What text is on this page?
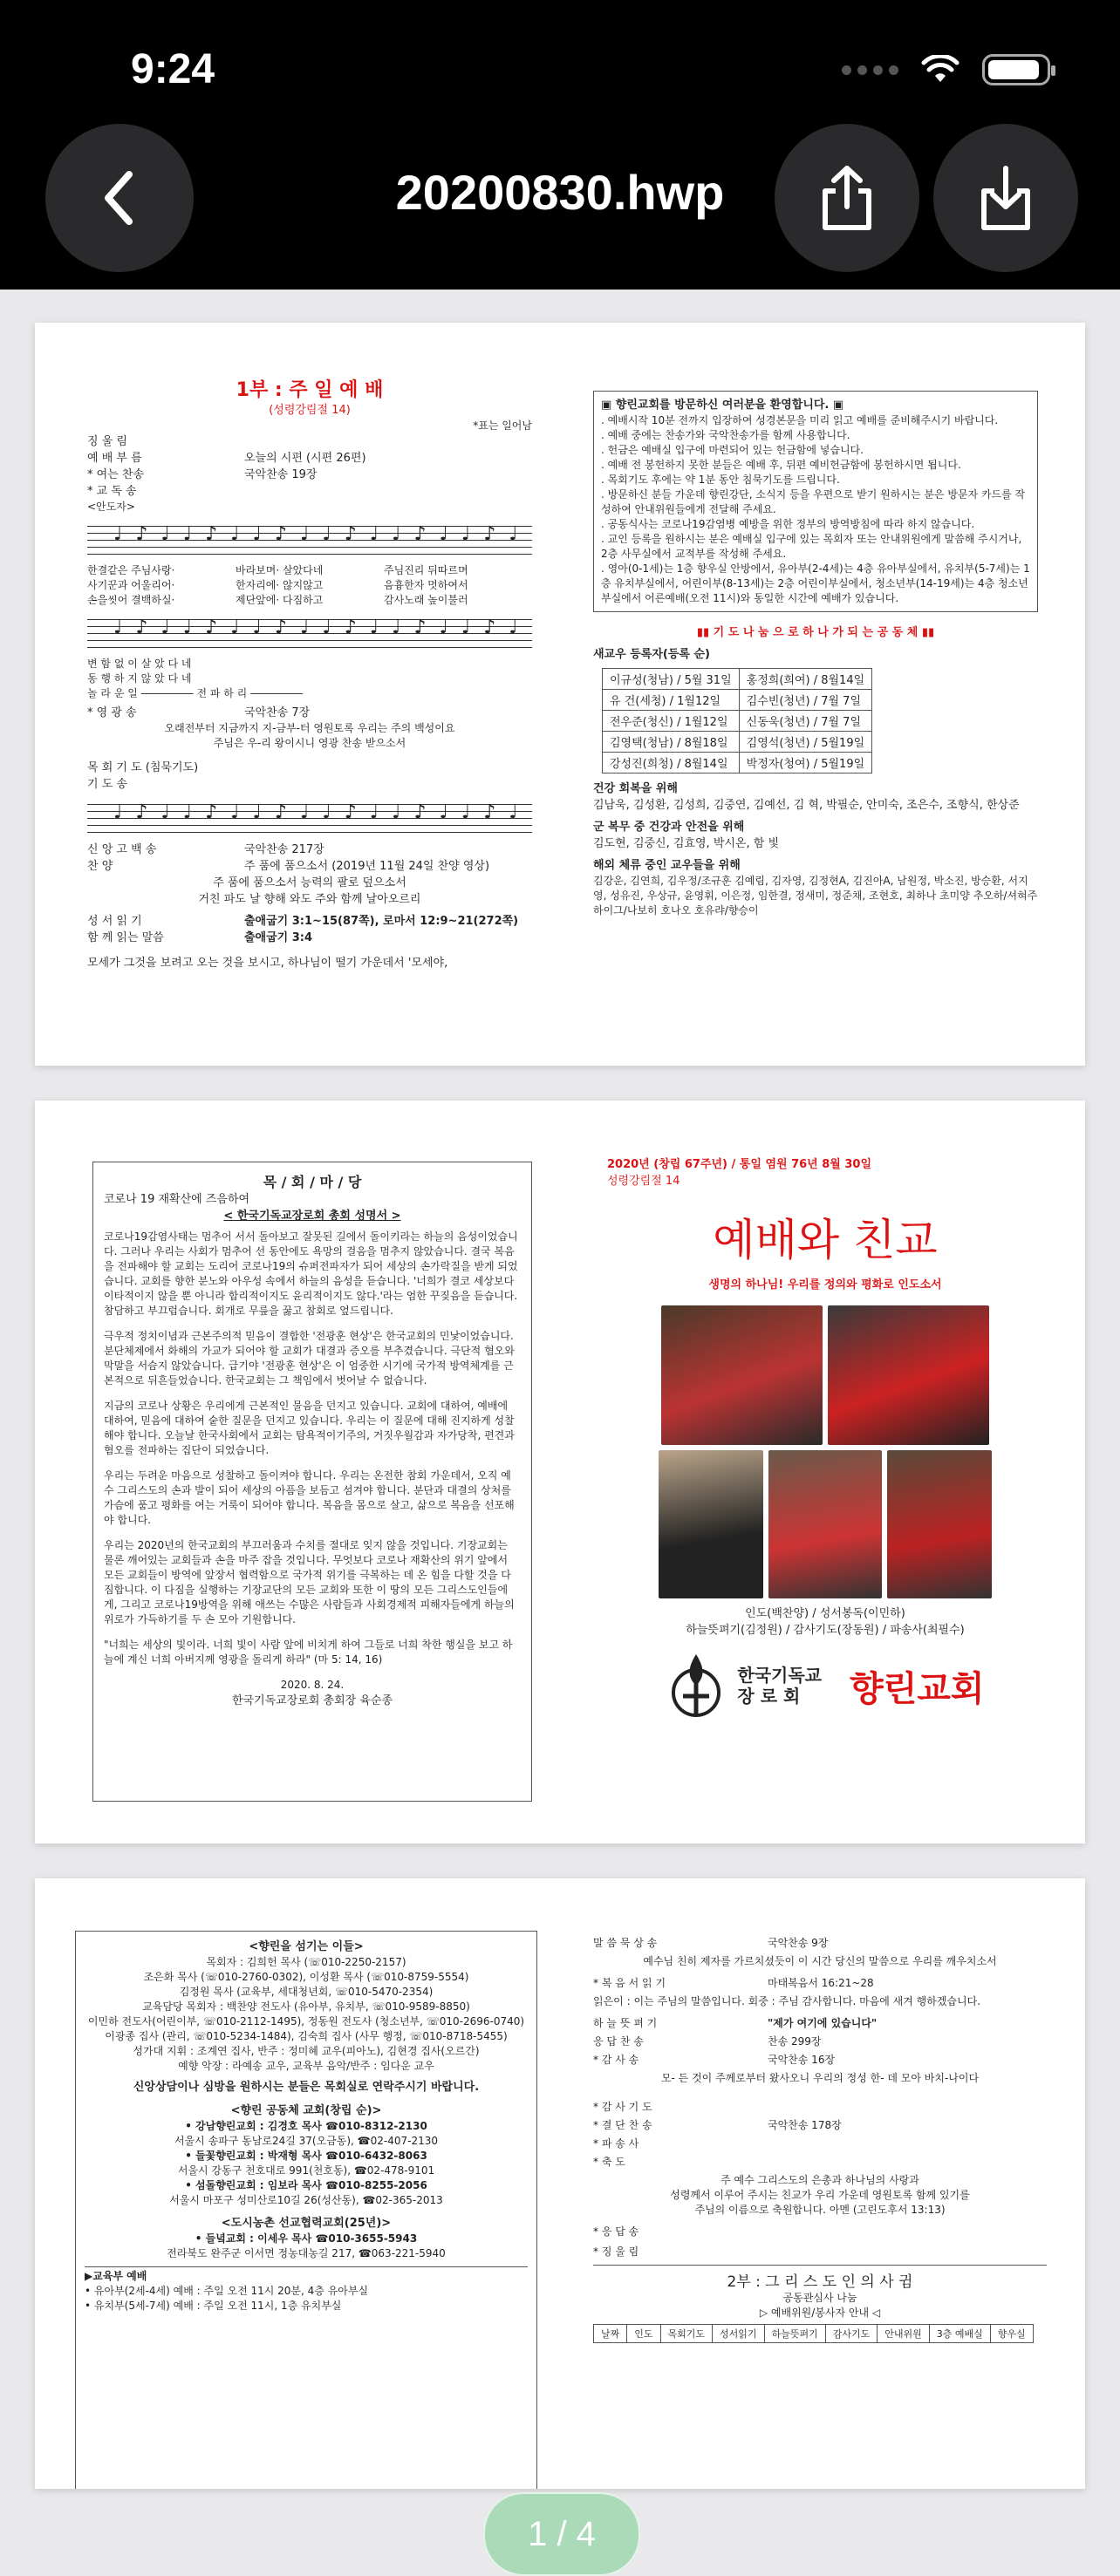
9:24
20200830.hwp
1부 : 주 일 예 배
(성령강림절 14)
*표는 일어남
징 울 림
예 배 부 름	오늘의 시편 (시편 26편)
* 여는 찬송	국악찬송 19장
* 교 독 송
<안도자>
♩ ♪ ♩ ♩ ♪ ♩ ♩ ♪ ♩ ♩ ♪ ♩ ♩ ♪ ♩ ♩ ♪ ♩
한결같은 주님사랑·	바라보며· 살았다네	주님진리 뒤따르며
사기꾼과 어울리어·	한자리에· 않지않고	음흉한자 멋하여서
손을씻어 결백하실·	제단앞에· 다짐하고	감사노래 높이불러
♩ ♪ ♩ ♩ ♪ ♩ ♩ ♪ ♩ ♩ ♪ ♩ ♩ ♪ ♩ ♩ ♪ ♩
변 함 없 이 살 았 다 네
동 행 하 지 않 았 다 네
놀 라 운 일 ――――― 전 파 하 리 ―――――
* 영 광 송	국악찬송 7장
오래전부터 지금까지 지-금부-터 영원토록 우리는 주의 백성이요
주님은 우-리 왕이시니 영광 찬송 받으소서
목 회 기 도 (침묵기도)
기 도 송
♩ ♪ ♩ ♩ ♪ ♩ ♩ ♪ ♩ ♩ ♪ ♩ ♩ ♪ ♩ ♩ ♪ ♩
신 앙 고 백 송	국악찬송 217장
찬 양	주 품에 품으소서 (2019년 11월 24일 찬양 영상)
주 품에 품으소서 능력의 팔로 덮으소서
거친 파도 날 향해 와도 주와 함께 날아오르리
성 서 읽 기	출애굽기 3:1~15(87쪽), 로마서 12:9~21(272쪽)
함 께 읽는 말씀	출애굽기 3:4
모세가 그것을 보려고 오는 것을 보시고, 하나님이 떨기 가운데서 '모세야,
▣ 향린교회를 방문하신 여러분을 환영합니다. ▣
. 예배시작 10분 전까지 입장하여 성경본문을 미리 읽고 예배를 준비해주시기 바랍니다.
. 예배 중에는 찬송가와 국악찬송가를 함께 사용합니다.
. 헌금은 예배실 입구에 마련되어 있는 헌금함에 넣습니다.
. 예배 전 봉헌하지 못한 분들은 예배 후, 뒤편 예비헌금함에 봉헌하시면 됩니다.
. 목회기도 후에는 약 1분 동안 침묵기도를 드립니다.
. 방문하신 분들 가운데 향린강단, 소식지 등을 우편으로 받기 원하시는 분은 방문자 카드를 작성하여 안내위원들에게 전달해 주세요.
. 공동식사는 코로나19감염병 예방을 위한 정부의 방역방침에 따라 하지 않습니다.
. 교인 등록을 원하시는 분은 예배실 입구에 있는 목회자 또는 안내위원에게 말씀해 주시거나, 2층 사무실에서 교적부를 작성해 주세요.
. 영아(0-1세)는 1층 향우실 안방에서, 유아부(2-4세)는 4층 유아부실에서, 유치부(5-7세)는 1층 유치부실에서, 어린이부(8-13세)는 2층 어린이부실에서, 청소년부(14-19세)는 4층 청소년부실에서 어른예배(오전 11시)와 동일한 시간에 예배가 있습니다.
▮▮ 기 도 나 눔 으 로 하 나 가 되 는 공 동 체 ▮▮
새교우 등록자(등록 순)
이규성(청남) / 5월 31일	홍정희(희여) / 8월14일
유 건(세청) / 1월12일	김수빈(청년) / 7월 7일
전우준(청신) / 1월12일	신동욱(청년) / 7월 7일
김영택(청남) / 8월18일	김영석(청년) / 5월19일
강성진(희청) / 8월14일	박정자(청여) / 5월19일
건강 회복을 위해
김남욱, 김성환, 김성희, 김중연, 김예선, 김 혁, 박필순, 안미숙, 조은수, 조향식, 한상준
군 복무 중 건강과 안전을 위해
김도현, 김중신, 김효영, 박시온, 함 빛
해외 체류 중인 교우들을 위해
김강운, 김연희, 김우정/조규훈 김예림, 김자영, 김정현A, 김진아A, 남원정, 박소진, 방승환, 서지영, 성유진, 우상규, 윤영휘, 이은정, 임한결, 정새미, 정준채, 조현호, 최하나 초미양 추오하/셔혀주 하이그/나보히 호나오 호유랴/향승이
목 / 회 / 마 / 당
코로나 19 재확산에 즈음하여
< 한국기독교장로회 총회 성명서 >

코로나19감염사태는 멈추어 서서 돌아보고 잘못된 길에서 돌이키라는 하늘의 음성이었습니다. 그러나 우리는 사회가 멈추어 선 동안에도 욕망의 걸음을 멈추지 않았습니다. 결국 복음을 전파해야 할 교회는 도리어 코로나19의 슈퍼전파자가 되어 세상의 손가락질을 받게 되었습니다. 교회를 향한 분노와 아우성 속에서 하늘의 음성을 듣습니다. '너희가 결코 세상보다 이타적이지 않을 뿐 아니라 합리적이지도 윤리적이지도 않다.'라는 엄한 꾸짖음을 듣습니다. 참담하고 부끄럽습니다. 회개로 무릎을 꿇고 참회로 엎드립니다.

극우적 정치이념과 근본주의적 믿음이 결합한 '전광훈 현상'은 한국교회의 민낯이었습니다. 분단체제에서 화해의 가교가 되어야 할 교회가 대결과 증오를 부추겼습니다. 극단적 혐오와 막말을 서슴지 않았습니다. 급기야 '전광훈 현상'은 이 엄중한 시기에 국가적 방역체계를 근본적으로 뒤흔들었습니다. 한국교회는 그 책임에서 벗어날 수 없습니다.

지금의 코로나 상황은 우리에게 근본적인 물음을 던지고 있습니다. 교회에 대하여, 예배에 대하여, 믿음에 대하여 숱한 질문을 던지고 있습니다. 우리는 이 질문에 대해 진지하게 성찰해야 합니다. 오늘날 한국사회에서 교회는 탐욕적이기주의, 거짓우월감과 자가당착, 편견과 혐오를 전파하는 집단이 되었습니다.

우리는 두려운 마음으로 성찰하고 돌이켜야 합니다. 우리는 온전한 참회 가운데서, 오직 예수 그리스도의 손과 발이 되어 세상의 아픔을 보듬고 섬겨야 합니다. 분단과 대결의 상처를 가슴에 품고 평화를 여는 거룩이 되어야 합니다. 복음을 몸으로 살고, 삶으로 복음을 선포해야 합니다.

우리는 2020년의 한국교회의 부끄러움과 수치를 절대로 잊지 않을 것입니다. 기장교회는 물론 깨어있는 교회들과 손을 마주 잡을 것입니다. 무엇보다 코로나 재확산의 위기 앞에서 모든 교회들이 방역에 앞장서 협력함으로 국가적 위기를 극복하는 데 온 힘을 다할 것을 다짐합니다. 이 다짐을 실행하는 기장교단의 모든 교회와 또한 이 땅의 모든 그리스도인들에게, 그리고 코로나19방역을 위해 애쓰는 수많은 사람들과 사회경제적 피해자들에게 하늘의 위로가 가득하기를 두 손 모아 기원합니다.

"너희는 세상의 빛이라. 너희 빛이 사람 앞에 비치게 하여 그들로 너희 착한 행실을 보고 하늘에 계신 너희 아버지께 영광을 돌리게 하라" (마 5: 14, 16)

2020. 8. 24.
한국기독교장로회 총회장 육순종
2020년 (창립 67주년) / 통일 염원 76년 8월 30일
성령강림절 14
예배와 친교
생명의 하나님! 우리를 정의와 평화로 인도소서
인도(백찬양) / 성서봉독(이민하)
하늘뜻펴기(김정원) / 감사기도(장동원) / 파송사(최필수)
한국기독교
장 로 회	향린교회
<향린을 섬기는 이들>
목회자 : 김희헌 목사 (☏010-2250-2157)
조은화 목사 (☏010-2760-0302), 이성환 목사 (☏010-8759-5554)
김정원 목사 (교육부, 세대청년회, ☏010-5470-2354)
교육담당 목회자 : 백찬양 전도사 (유아부, 유치부, ☏010-9589-8850)
이민하 전도사(어린이부, ☏010-2112-1495), 정동원 전도사 (청소년부, ☏010-2696-0740)
이광종 집사 (관리, ☏010-5234-1484), 김숙희 집사 (사무 행정, ☏010-8718-5455)
성가대 지휘 : 조계연 집사, 반주 : 정미혜 교우(피아노), 김현경 집사(오르간)
예향 악장 : 라예송 교우, 교육부 음악/반주 : 임다운 교우
신앙상담이나 심방을 원하시는 분들은 목회실로 연락주시기 바랍니다.
<향린 공동체 교회(창립 순)>
• 강남향린교회 : 김경호 목사 ☎010-8312-2130
서울시 송파구 동남로24길 37(오금동), ☎02-407-2130
• 들꽃향린교회 : 박재형 목사 ☎010-6432-8063
서울시 강동구 천호대로 991(천호동), ☎02-478-9101
• 섬돌향린교회 : 임보라 목사 ☎010-8255-2056
서울시 마포구 성미산로10길 26(성산동), ☎02-365-2013
<도시농촌 선교협력교회(25년)>
• 들녘교회 : 이세우 목사 ☎010-3655-5943
전라북도 완주군 이서면 정농대농길 217, ☎063-221-5940
▶교육부 예배
• 유아부(2세-4세) 예배 : 주일 오전 11시 20분, 4층 유아부실
• 유치부(5세-7세) 예배 : 주일 오전 11시, 1층 유치부실
말 씀 묵 상 송	국악찬송 9장
예수님 친히 제자를 가르치셨듯이 이 시간 당신의 말씀으로 우리를 깨우치소서
* 복 음 서 읽 기	마태복음서 16:21~28
읽은이 : 이는 주님의 말씀입니다. 회중 : 주님 감사합니다. 마음에 새겨 행하겠습니다.
하 늘 뜻 펴 기	"제가 여기에 있습니다"
응 답 찬 송	찬송 299장
* 감 사 송	국악찬송 16장
모- 든 것이 주께로부터 왔사오니 우리의 정성 한- 데 모아 바치-나이다
* 감 사 기 도
* 결 단 찬 송	국악찬송 178장
* 파 송 사
* 축 도
주 예수 그리스도의 은총과 하나님의 사랑과
성령께서 이루어 주시는 친교가 우리 가운데 영원토록 함께 있기를
주님의 이름으로 축원합니다. 아멘 (고린도후서 13:13)
* 응 답 송
* 징 울 림
2부 : 그 리 스 도 인 의 사 귐
공동관심사 나눔
▷ 예배위원/봉사자 안내 ◁
날짜	인도	목회기도	성서읽기	하늘뜻펴기	감사기도	안내위원	3층 예배실	향우실
1 / 4
